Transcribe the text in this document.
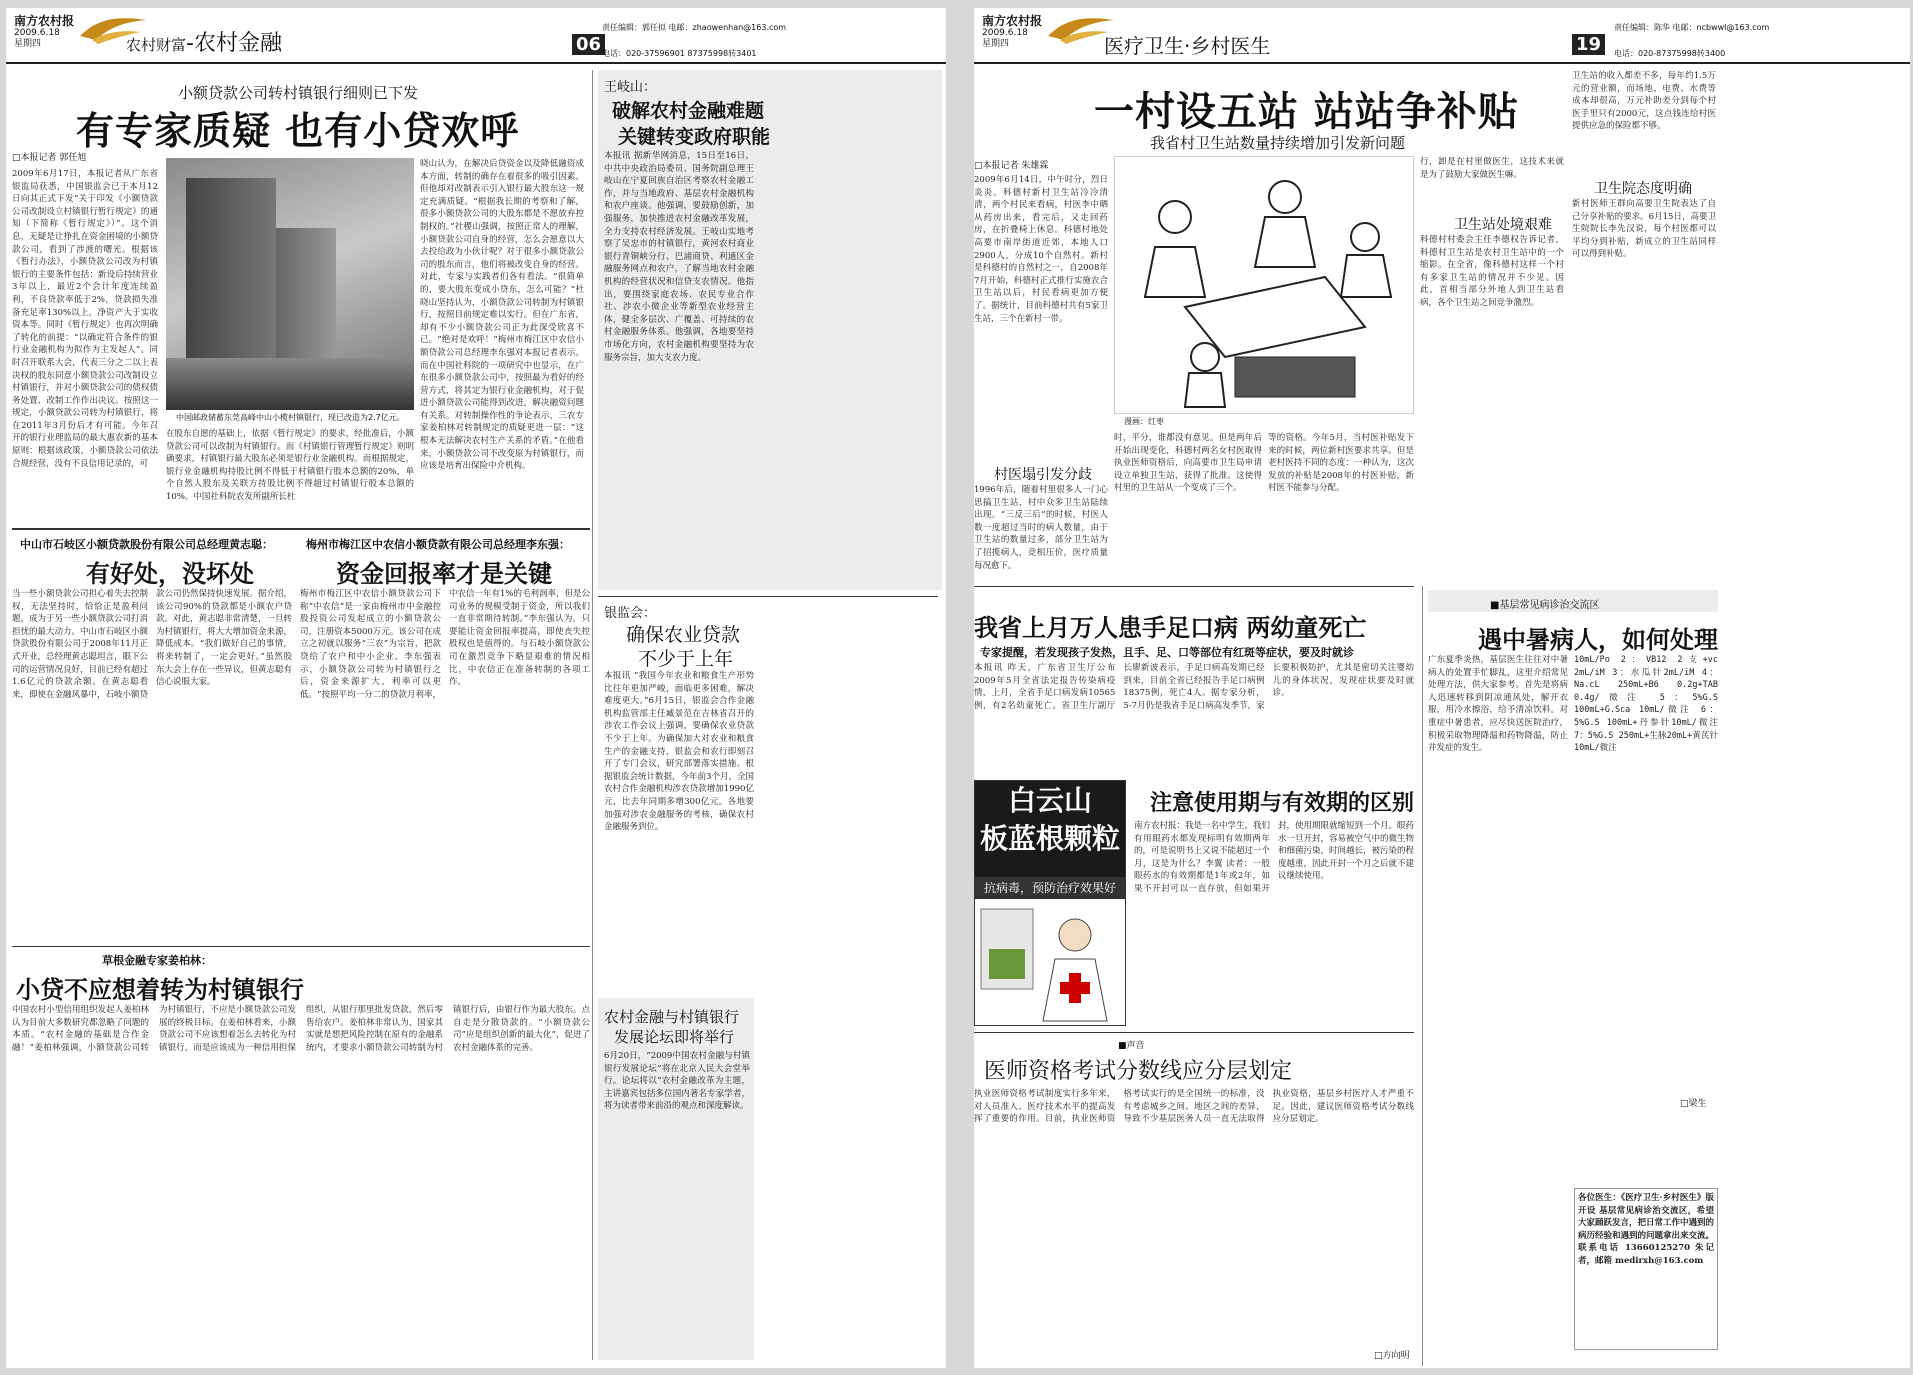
南方农村报
2009.6.18
星期四	农村财富-农村金融	06
责任编辑：郭任拟 电邮：zhaowenhan@163.com
电话：020-37596901 87375998转3401
小额贷款公司转村镇银行细则已下发
有专家质疑 也有小贷欢呼
□本报记者 郭任旭
2009年6月17日，本报记者从广东省银监局获悉，中国银监会已于本月12日向其正式下发“关于印发《小额贷款公司改制设立村镇银行暂行规定》的通知（下简称《暂行规定》）”。这个消息，无疑是让挣扎在资金困境的小额贷款公司，看到了涉渡的曙光。根据该《暂行办法》，小额贷款公司改为村镇银行的主要条件包括：新设后持续营业3年以上，最近2个会计年度连续盈利，不良贷款率低于2%，贷款损失准备充足率130%以上，净资产大于实收资本等。同时《暂行规定》也再次明确了转化的前提：“以确定符合条件的银行业金融机构为拟作为主发起人”。同时召开联系大会，代表三分之二以上表决权的股东同意小额贷款公司改制设立村镇银行，并对小额贷款公司的债权债务处置、改制工作作出决议。按照这一规定，小额贷款公司转为村镇银行，将在2011年3月份后才有可能。今年召开的银行业理监局的最大惠农新的基本原则：根据该政策，小额贷款公司依法合规经营，没有不良信用记录的，可
中国邮政储蓄东莞高峰中山小榄村镇银行，现已改造为2.7亿元。
在股东自愿的基础上，依据《暂行规定》的要求，经批准后，小额贷款公司可以改制为村镇银行。而《村镇银行管理暂行规定》则明确要求，村镇银行最大股东必须是银行业金融机构。而根据规定，银行业金融机构持股比例不得低于村镇银行股本总额的20%，单个自然人股东及关联方持股比例不得超过村镇银行股本总额的10%。中国社科院农发所副所长杜
晓山认为，在解决后贷资金以及降低融资成本方面，转制的确存在着很多的吸引因素。但他却对改制表示引入银行最大股东这一规定充满质疑。“根据我长期的考察和了解，很多小额贷款公司的大股东都是不愿放弃控制权的。”社稷山强调，按照正常人的理解，小额贷款公司自身的经营，怎么会愿意以大去投给政为小伙计呢？对于很多小额贷款公司的股东而言，他们将被改变自身的经营。对此，专家与实践者们各有看法。“很简单的，要大股东变成小贷东，怎么可能？”杜晓山坚持认为，小额贷款公司转制为村镇银行，按照目前规定难以实行。但在广东省，却有不少小额贷款公司正为此深受欣喜不已。“绝对是欢呼！”梅州市梅江区中农信小额贷款公司总经理李东强对本报记者表示。而在中国社科院的一项研究中也显示，在广东很多小额贷款公司中，按照最为看好的经营方式，将其定为银行业金融机构，对于促进小额贷款公司能得到改进，解决融资问题有关系。对转制操作性的争论表示，三农专家姜柏林对转制规定的质疑更进一层：“这根本无法解决农村生产关系的矛盾。”在他看来，小额贷款公司不改变原为村镇银行，而应该是培育出保险中介机构。
王岐山：
破解农村金融难题
关键转变政府职能
本报讯 据新华网消息，15日至16日，中共中央政治局委员、国务院副总理王岐山在宁夏回族自治区考察农村金融工作，并与当地政府、基层农村金融机构和农户座谈。他强调，要鼓励创新，加强服务，加快推进农村金融改革发展，全力支持农村经济发展。王岐山实地考察了吴忠市的村镇银行，黄河农村商业银行青铜峡分行、巴浦商贷、利通区金融服务网点和农户，了解当地农村金融机构的经营状况和信贷支农情况。他指出，要围绕家庭农场、农民专业合作社、涉农小微企业等新型农业经营主体，健全多层次、广覆盖、可持续的农村金融服务体系。他强调，各地要坚持市场化方向，农村金融机构要坚持为农服务宗旨，加大支农力度。
中山市石岐区小额贷款股份有限公司总经理黄志聪：
有好处，没坏处
当一些小额贷款公司担心着失去控制权，无法坚持时，恰恰正是盈利问题，成为于另一些小额贷款公司打消担忧的最大动力。中山市石岐区小额贷款股份有限公司于2008年11月正式开业，总经理黄志聪坦言，眼下公司的运营情况良好，目前已经有超过1.6亿元的贷款余额。在黄志聪看来，即使在金融风暴中，石岐小额贷款公司仍然保持快速发展。据介绍，该公司90%的贷款都是小额农户贷款。对此，黄志聪非常清楚，一旦转为村镇银行，将大大增加资金来源，降低成本。“我们做好自己的事情，将来转制了，一定会更好。”虽然股东大会上存在一些异议，但黄志聪有信心说服大家。
梅州市梅江区中农信小额贷款有限公司总经理李东强：
资金回报率才是关键
梅州市梅江区中农信小额贷款公司下称“中农信”是一家由梅州市中金融控股投资公司发起成立的小额贷款公司，注册资本5000万元。该公司在成立之初就以服务“三农”为宗旨，把款贷给了农户和中小企业。李东强表示，小额贷款公司转为村镇银行之后，资金来源扩大，利率可以更低。“按照平均一分二的贷款月利率，中农信一年有1%的毛利润率，但是公司业务的规模受制于资金，所以我们一直非常期待转制。”李东强认为，只要能让资金回报率提高，即使丧失控股权也是值得的。与石岐小额贷款公司在激烈竞争下略显艰难的情况相比，中农信正在准备转制的各项工作。
草根金融专家姜柏林：
小贷不应想着转为村镇银行
中国农村小型信用组织发起人姜柏林认为目前大多数研究都忽略了问题的本质。“农村金融的基础是合作金融！”姜柏林强调，小额贷款公司转为村镇银行，不应是小额贷款公司发展的终极目标。在姜柏林看来，小额贷款公司不应该想着怎么去转化为村镇银行，而是应该成为一种信用担保组织，从银行那里批发贷款，然后零售给农户。姜柏林非常认为，国家其实就是想把风险控制在原有的金融系统内，才要求小额贷款公司转制为村镇银行后，由银行作为最大股东。点自走是分散贷款的。“小额贷款公司”应是组织创新的最大化”，促进了农村金融体系的完善。
银监会：
确保农业贷款
不少于上年
本报讯 “我国今年农业和粮食生产形势比往年更加严峻，面临更多困难，解决难度更大。”6月15日，银监会合作金融机构监管部主任臧景范在吉林省召开的涉农工作会议上强调，要确保农业贷款不少于上年。为确保加大对农业和粮食生产的金融支持，银监会和农行即刻召开了专门会议，研究部署落实措施。根据银监会统计数据，今年前3个月，全国农村合作金融机构涉农贷款增加1990亿元，比去年同期多增300亿元。各地要加强对涉农金融服务的考核，确保农村金融服务到位。
农村金融与村镇银行
发展论坛即将举行
6月20日，“2009中国农村金融与村镇银行发展论坛”将在北京人民大会堂举行。论坛将以“农村金融改革为主题，主讲嘉宾包括多位国内著名专家学者，将为读者带来前沿的观点和深度解读。
南方农村报
2009.6.18
星期四	医疗卫生·乡村医生	19
责任编辑：陈华 电邮：ncbwwl@163.com
电话：020-87375998转3400
一村设五站 站站争补贴
我省村卫生站数量持续增加引发新问题
□本报记者 朱雄霖
2009年6月14日，中午时分，烈日炎炎。科德村新村卫生站冷冷清清，两个村民来看病，村医李中晒从药房出来，看完后，又走回药房，在折叠椅上休息。科德村地处高要市南岸街道近郊，本地人口2900人，分成10个自然村。新村是科德村的自然村之一，自2008年7月开始，科德村正式推行实施农合卫生站以后，村民看病更加方便了。据统计，目前科德村共有5家卫生站，三个在新村一带。
漫画：红枣
行，卸是在村里做医生，这技术来就是为了鼓励大家做医生嘛。
卫生站处境艰难
科德村村委会主任李德权告诉记者，科德村卫生站是农村卫生站中的一个缩影。在全省，像科德村这样一个村有多家卫生站的情况并不少见。因此，首相当部分外地人到卫生站看病，各个卫生站之间竞争激烈。
村医塌引发分歧
1996年后，随着村里很多人一门心思搞卫生站，村中众多卫生站陆续出现。“三反三后”的时候，村医人数一度超过当时的病人数量，由于卫生站的数量过多，部分卫生站为了招揽病人，竞相压价，医疗质量每况愈下。
时，平分，谁都没有意见。但是两年后开始出现变化，科德村两名女村医取得执业医师资格后，向高要市卫生局申请设立单独卫生站，获得了批准。这使得村里的卫生站从一个变成了三个。
等的资格。今年5月，当村医补贴发下来的时候，两位新村医要求共享。但是老村医持不同的态度：一种认为，这次发放的补贴是2008年的村医补贴，新村医不能参与分配。
卫生站的收入都差不多，每年约1.5万元的营业额，而场地、电费、水费等成本却很高，万元补助差分到每个村医手里只有2000元，这点钱连给村医提供应急的保险都不够。
卫生院态度明确
新村医师王群向高要卫生院表达了自己分享补贴的要求。6月15日，高要卫生院院长李先汉说，每个村医都可以平均分到补贴，新成立的卫生站同样可以得到补贴。
我省上月万人患手足口病 两幼童死亡
专家提醒，若发现孩子发热，且手、足、口等部位有红斑等症状，要及时就诊
本报讯 昨天，广东省卫生厅公布2009年5月全省法定报告传染病疫情，上月，全省手足口病发病10565例，有2名幼童死亡。省卫生厅副厅长廖新波表示，手足口病高发期已经到来，目前全省已经报告手足口病例18375例，死亡4人。据专家分析，5-7月仍是我省手足口病高发季节，家长要积极防护，尤其是密切关注婴幼儿的身体状况，发现症状要及时就诊。
白云山
板蓝根颗粒
抗病毒，预防治疗效果好
注意使用期与有效期的区别
南方农村报：我是一名中学生，我们有用眼药水都发现标明有效期两年的，可是说明书上又说不能超过一个月，这是为什么？李翼 读者：一般眼药水的有效期都是1年或2年，如果不开封可以一直存放，但如果开封，使用期限就缩短到一个月。眼药水一旦开封，容易被空气中的微生物和细菌污染，时间越长，被污染的程度越重，因此开封一个月之后就不建议继续使用。
■声音
医师资格考试分数线应分层划定
执业医师资格考试制度实行多年来，对人员准入、医疗技术水平的提高发挥了重要的作用。目前，执业医师资格考试实行的是全国统一的标准，没有考虑城乡之间、地区之间的差异，导致不少基层医务人员一直无法取得执业资格，基层乡村医疗人才严重不足。因此，建议医师资格考试分数线应分层划定。
□方向明
■基层常见病诊治交流区
遇中暑病人，如何处理
广东夏季炎热，基层医生往往对中暑病人的处置手忙脚乱，这里介绍常见处理方法，供大家参考。首先是将病人迅速转移到阴凉通风处，解开衣服，用冷水擦浴，给予清凉饮料。对重症中暑患者，应尽快送医院治疗，积极采取物理降温和药物降温，防止并发症的发生。
10mL/Po 2：VB12 2支+vc 2mL/iM 3：水瓜针2mL/iM 4：Na.cL 250mL+B6 0.2g+TAB 0.4g/微注 5：5%G.S 100mL+G.Sca 10mL/微注 6：5%G.S 100mL+丹参针10mL/微注 7：5%G.S 250mL+生脉20mL+黄芪针10mL/微注
□梁生
各位医生：《医疗卫生·乡村医生》版开设 基层常见病诊治交流区，希望大家踊跃发言，把日常工作中遇到的病历经验和遇到的问题拿出来交流。联系电话 13660125270 朱记者，邮箱 medirxh@163.com
